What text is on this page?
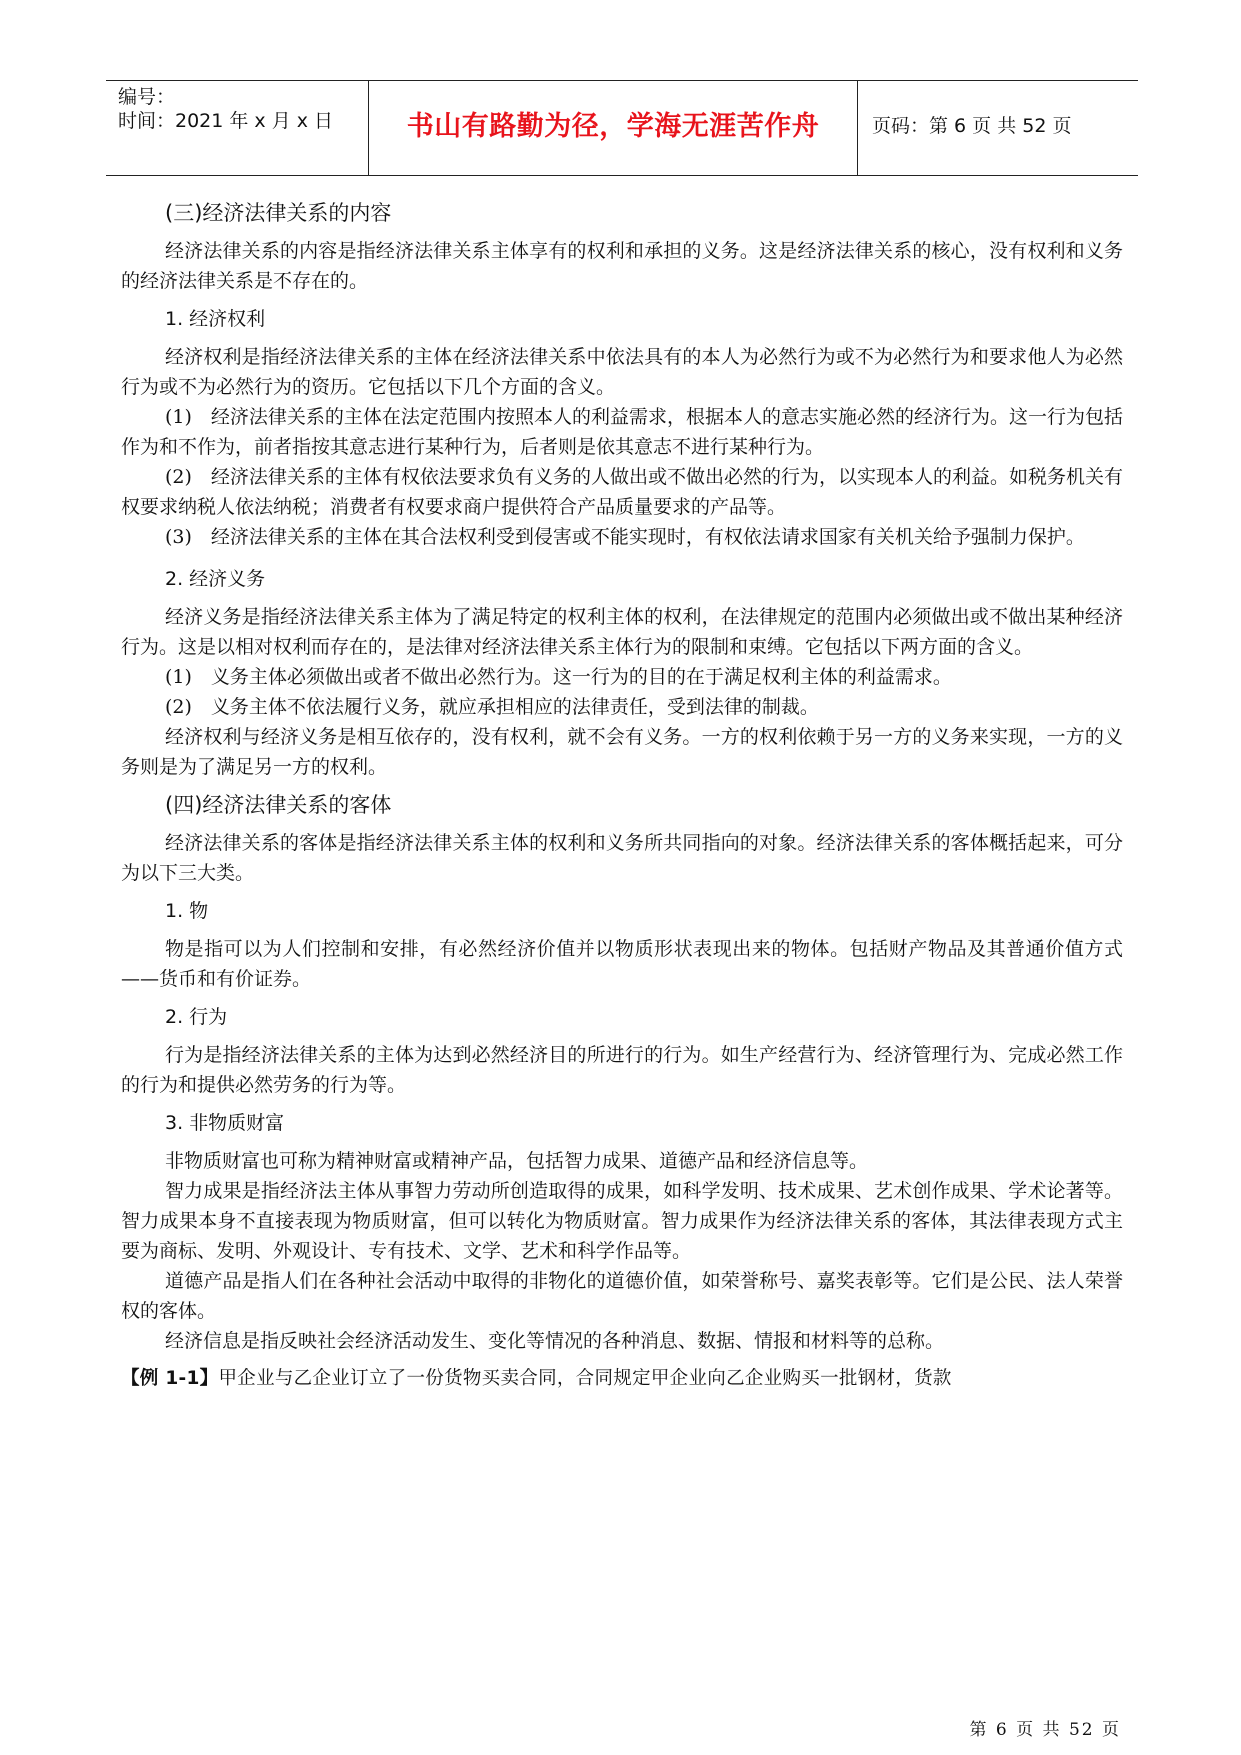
编号：
时间：2021 年 x 月 x 日	书山有路勤为径，学海无涯苦作舟	页码：第 6 页 共 52 页

(三)经济法律关系的内容

经济法律关系的内容是指经济法律关系主体享有的权利和承担的义务。这是经济法律关系的核心，没有权利和义务的经济法律关系是不存在的。

1. 经济权利

经济权利是指经济法律关系的主体在经济法律关系中依法具有的本人为必然行为或不为必然行为和要求他人为必然行为或不为必然行为的资历。它包括以下几个方面的含义。

(1)　经济法律关系的主体在法定范围内按照本人的利益需求，根据本人的意志实施必然的经济行为。这一行为包括作为和不作为，前者指按其意志进行某种行为，后者则是依其意志不进行某种行为。

(2)　经济法律关系的主体有权依法要求负有义务的人做出或不做出必然的行为，以实现本人的利益。如税务机关有权要求纳税人依法纳税；消费者有权要求商户提供符合产品质量要求的产品等。

(3)　经济法律关系的主体在其合法权利受到侵害或不能实现时，有权依法请求国家有关机关给予强制力保护。

2. 经济义务

经济义务是指经济法律关系主体为了满足特定的权利主体的权利，在法律规定的范围内必须做出或不做出某种经济行为。这是以相对权利而存在的，是法律对经济法律关系主体行为的限制和束缚。它包括以下两方面的含义。

(1)　义务主体必须做出或者不做出必然行为。这一行为的目的在于满足权利主体的利益需求。

(2)　义务主体不依法履行义务，就应承担相应的法律责任，受到法律的制裁。

经济权利与经济义务是相互依存的，没有权利，就不会有义务。一方的权利依赖于另一方的义务来实现，一方的义务则是为了满足另一方的权利。

(四)经济法律关系的客体

经济法律关系的客体是指经济法律关系主体的权利和义务所共同指向的对象。经济法律关系的客体概括起来，可分为以下三大类。

1. 物

物是指可以为人们控制和安排，有必然经济价值并以物质形状表现出来的物体。包括财产物品及其普通价值方式——货币和有价证券。

2. 行为

行为是指经济法律关系的主体为达到必然经济目的所进行的行为。如生产经营行为、经济管理行为、完成必然工作的行为和提供必然劳务的行为等。

3. 非物质财富

非物质财富也可称为精神财富或精神产品，包括智力成果、道德产品和经济信息等。

智力成果是指经济法主体从事智力劳动所创造取得的成果，如科学发明、技术成果、艺术创作成果、学术论著等。智力成果本身不直接表现为物质财富，但可以转化为物质财富。智力成果作为经济法律关系的客体，其法律表现方式主要为商标、发明、外观设计、专有技术、文学、艺术和科学作品等。

道德产品是指人们在各种社会活动中取得的非物化的道德价值，如荣誉称号、嘉奖表彰等。它们是公民、法人荣誉权的客体。

经济信息是指反映社会经济活动发生、变化等情况的各种消息、数据、情报和材料等的总称。

【例 1-1】甲企业与乙企业订立了一份货物买卖合同，合同规定甲企业向乙企业购买一批钢材，货款

第 6 页 共 52 页
